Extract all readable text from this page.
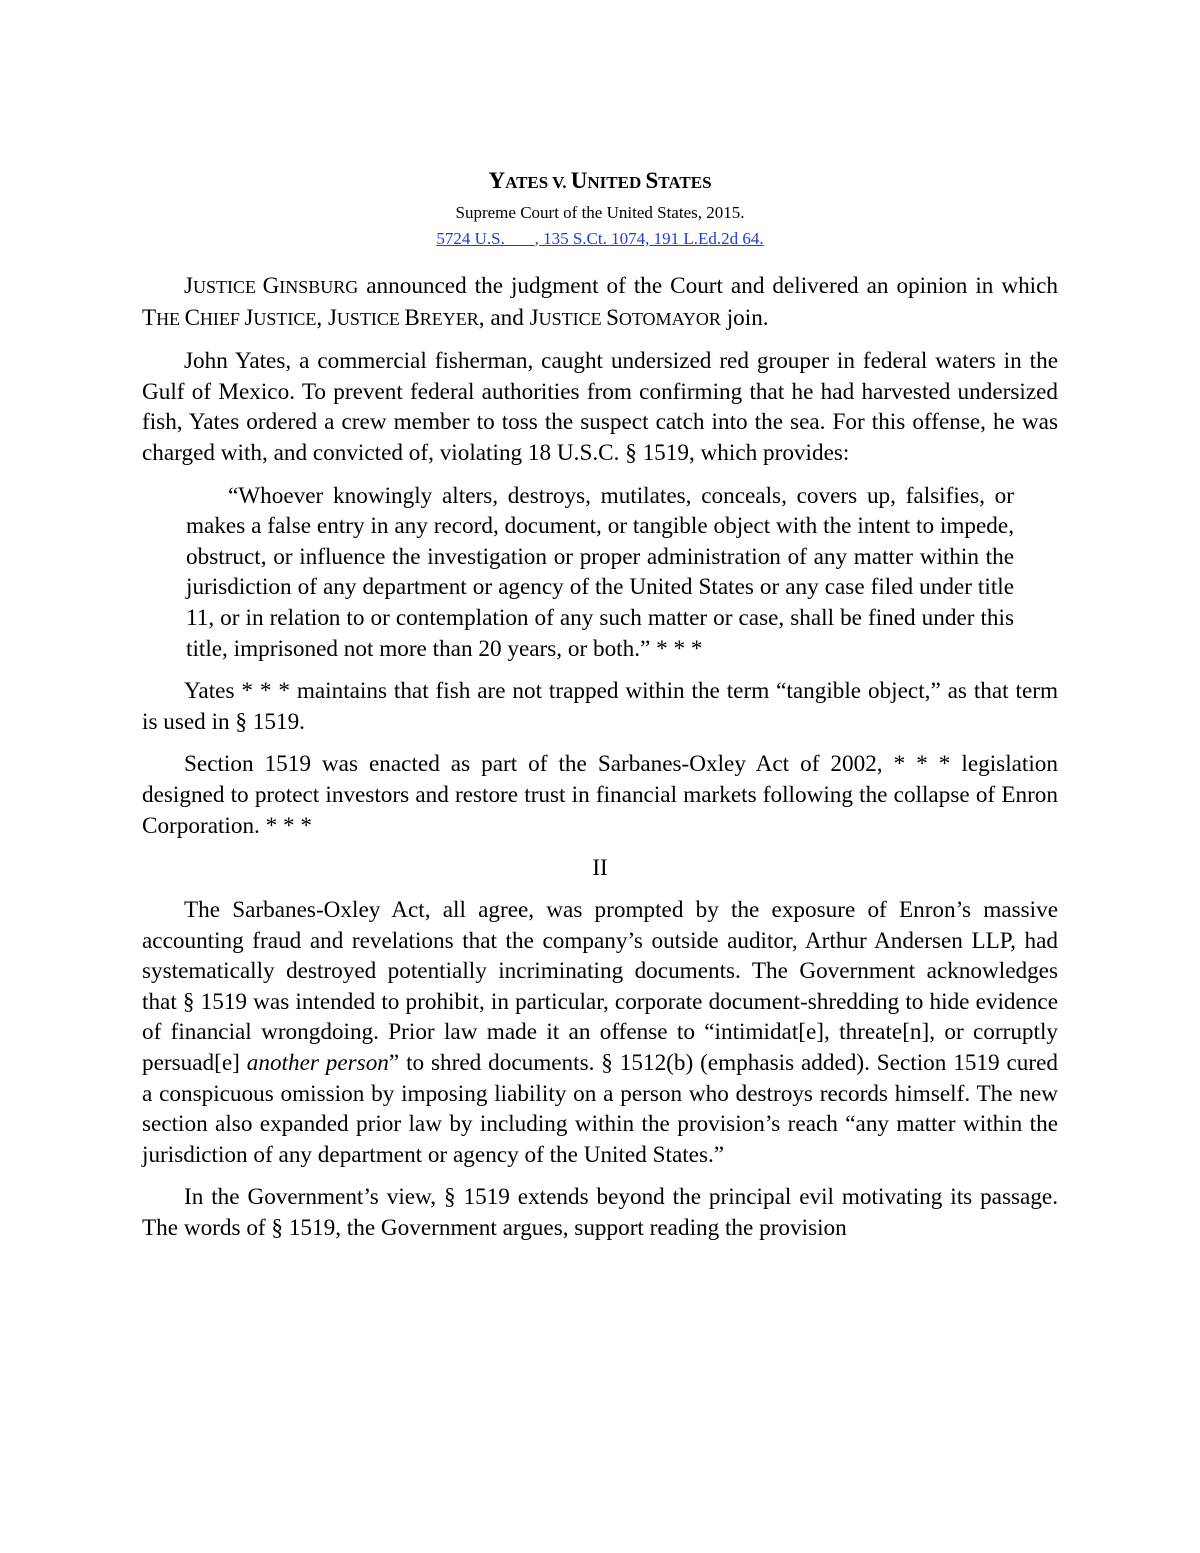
YATES V. UNITED STATES

Supreme Court of the United States, 2015.

5724 U.S. ___, 135 S.Ct. 1074, 191 L.Ed.2d 64.

JUSTICE GINSBURG announced the judgment of the Court and delivered an opinion in which THE CHIEF JUSTICE, JUSTICE BREYER, and JUSTICE SOTOMAYOR join.

John Yates, a commercial fisherman, caught undersized red grouper in federal waters in the Gulf of Mexico. To prevent federal authorities from confirming that he had harvested undersized fish, Yates ordered a crew member to toss the suspect catch into the sea. For this offense, he was charged with, and convicted of, violating 18 U.S.C. § 1519, which provides:

“Whoever knowingly alters, destroys, mutilates, conceals, covers up, falsifies, or makes a false entry in any record, document, or tangible object with the intent to impede, obstruct, or influence the investigation or proper administration of any matter within the jurisdiction of any department or agency of the United States or any case filed under title 11, or in relation to or contemplation of any such matter or case, shall be fined under this title, imprisoned not more than 20 years, or both.” * * *

Yates * * * maintains that fish are not trapped within the term “tangible object,” as that term is used in § 1519.

Section 1519 was enacted as part of the Sarbanes-Oxley Act of 2002, * * * legislation designed to protect investors and restore trust in financial markets following the collapse of Enron Corporation. * * *

II

The Sarbanes-Oxley Act, all agree, was prompted by the exposure of Enron’s massive accounting fraud and revelations that the company’s outside auditor, Arthur Andersen LLP, had systematically destroyed potentially incriminating documents. The Government acknowledges that § 1519 was intended to prohibit, in particular, corporate document-shredding to hide evidence of financial wrongdoing. Prior law made it an offense to “intimidat[e], threate[n], or corruptly persuad[e] another person” to shred documents. § 1512(b) (emphasis added). Section 1519 cured a conspicuous omission by imposing liability on a person who destroys records himself. The new section also expanded prior law by including within the provision’s reach “any matter within the jurisdiction of any department or agency of the United States.”

In the Government’s view, § 1519 extends beyond the principal evil motivating its passage. The words of § 1519, the Government argues, support reading the provision
